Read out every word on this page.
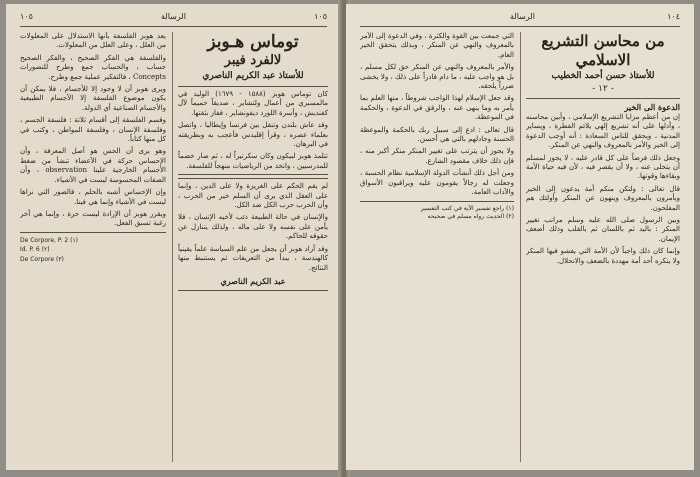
١٠٥	الرسالة	١٠٥
توماس هـوبز
لالفرد فيبر
للأستاذ عبد الكريم الناصري

كان توماس هوبز (١٥٨٨ - ١٦٧٩) الوليد في مالمسبري من أعمال ولتشاير ، صديقاً حميماً لآل كفنديش ، وأسرة اللورد ديفونشاير ، ففاز بثقتها.

وقد عاش بلندن وتنقل بين فرنسا وإيطاليا ، واتصل بعلماء عصره ، وقرأ إقليدس فأعجب به وبطريقته في البرهان.

تتلمذ هوبز لبيكون وكان سكرتيراً له ، ثم صار خصماً للمدرسيين ، واتخذ من الرياضيات منهجاً للفلسفة.

لم يقم الحكم على الغريزة ولا على الدين ، وإنما على العقل الذي يرى أن السلم خير من الحرب ، وأن الحرب حرب الكل ضد الكل.

والإنسان في حالة الطبيعة ذئب لأخيه الإنسان ، فلا يأمن على نفسه ولا على ماله ، ولذلك يتنازل عن حقوقه للحاكم.

وقد أراد هوبز أن يجعل من علم السياسة علماً يقينياً كالهندسة ، يبدأ من التعريفات ثم يستنبط منها النتائج.

عبد الكريم الناصري

يعد هوبز الفلسفة بأنها الاستدلال على المعلولات من العلل ، وعلى العلل من المعلولات.

والفلسفة هي الفكر الصحيح ، والفكر الصحيح حساب ، والحساب جمع وطرح للتصورات Concepts ، فالتفكير عملية جمع وطرح.

ويرى هوبز أن لا وجود إلا للأجسام ، فلا يمكن أن يكون موضوع الفلسفة إلا الأجسام الطبيعية والأجسام الصناعية أي الدولة.

وقسم الفلسفة إلى أقسام ثلاثة : فلسفة الجسم ، وفلسفة الإنسان ، وفلسفة المواطن ، وكتب في كل منها كتاباً.

وهو يرى أن الحس هو أصل المعرفة ، وأن الإحساس حركة في الأعضاء تنشأ من ضغط الأجسام الخارجية علينا observation ، وأن الصفات المحسوسة ليست في الأشياء.

وإن الإحساس أشبه بالحلم ، فالصور التي نراها ليست في الأشياء وإنما هي فينا.

ويقرر هوبز أن الإرادة ليست حرة ، وإنما هي آخر رغبة تسبق الفعل.

De Corpore, P. 2 (١)
Id. P. 6 (٢)
De Corpore (٣)
الرسالة	١٠٤
من محاسن التشريع الاسلامي
للأستاذ حسن أحمد الخطيب
- ١٢ -
الدعوة الى الخير

إن من أعظم مزايا التشريع الإسلامي ، وأبين محاسنه ، وأدلها على أنه تشريع إلهي يلائم الفطرة ، ويساير المدنية ، ويحقق للناس السعادة : أنه أوجب الدعوة إلى الخير والأمر بالمعروف والنهي عن المنكر.

وجعل ذلك فرضاً على كل قادر عليه ، لا يجوز لمسلم أن يتخلى عنه ، ولا أن يقصر فيه ، لأن فيه حياة الأمة وبقاءها وقوتها.

قال تعالى : ولتكن منكم أمة يدعون إلى الخير ويأمرون بالمعروف وينهون عن المنكر وأولئك هم المفلحون.

وبين الرسول صلى الله عليه وسلم مراتب تغيير المنكر : باليد ثم باللسان ثم بالقلب وذلك أضعف الإيمان.

وإنما كان ذلك واجباً لأن الأمة التي يفشو فيها المنكر ولا ينكره أحد أمة مهددة بالضعف والانحلال.

التي جمعت بين القوة والكثرة ، وفي الدعوة إلى الأمر بالمعروف والنهي عن المنكر ، وبذلك يتحقق الخير العام.

والأمر بالمعروف والنهي عن المنكر حق لكل مسلم ، بل هو واجب عليه ، ما دام قادراً على ذلك ، ولا يخشى ضرراً يلحقه.

وقد جعل الإسلام لهذا الواجب شروطاً ، منها العلم بما يأمر به وما ينهى عنه ، والرفق في الدعوة ، والحكمة في الموعظة.

قال تعالى : ادع إلى سبيل ربك بالحكمة والموعظة الحسنة وجادلهم بالتي هي أحسن.

ولا يجوز أن يترتب على تغيير المنكر منكر أكبر منه ، فإن ذلك خلاف مقصود الشارع.

ومن أجل ذلك أنشأت الدولة الإسلامية نظام الحسبة ، وجعلت له رجالاً يقومون عليه ويراقبون الأسواق والآداب العامة.

(١) راجع تفسير الآية في كتب التفسير
(٢) الحديث رواه مسلم في صحيحه
